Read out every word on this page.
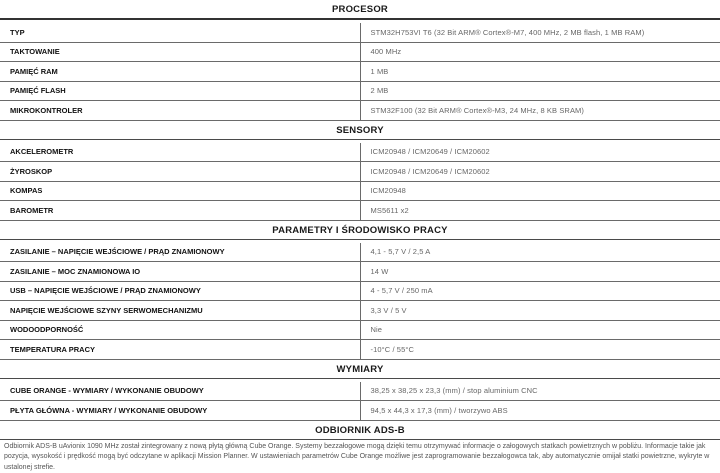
PROCESOR
TYP	STM32H753VI T6 (32 Bit ARM® Cortex®-M7, 400 MHz, 2 MB flash, 1 MB RAM)
TAKTOWANIE	400 MHz
PAMIĘĆ RAM	1 MB
PAMIĘĆ FLASH	2 MB
MIKROKONTROLER	STM32F100 (32 Bit ARM® Cortex®-M3, 24 MHz, 8 KB SRAM)
SENSORY
AKCELEROMETR	ICM20948 / ICM20649 / ICM20602
ŻYROSKOP	ICM20948 / ICM20649 / ICM20602
KOMPAS	ICM20948
BAROMETR	MS5611 x2
PARAMETRY I ŚRODOWISKO PRACY
ZASILANIE – NAPIĘCIE WEJŚCIOWE / PRĄD ZNAMIONOWY	4,1 - 5,7 V / 2,5 A
ZASILANIE – MOC ZNAMIONOWA IO	14 W
USB – NAPIĘCIE WEJŚCIOWE / PRĄD ZNAMIONOWY	4 - 5,7 V / 250 mA
NAPIĘCIE WEJŚCIOWE SZYNY SERWOMECHANIZMU	3,3 V / 5 V
WODOODPORNOŚĆ	Nie
TEMPERATURA PRACY	-10°C / 55°C
WYMIARY
CUBE ORANGE - WYMIARY / WYKONANIE OBUDOWY	38,25 x 38,25 x 23,3 (mm) / stop aluminium CNC
PŁYTA GŁÓWNA - WYMIARY / WYKONANIE OBUDOWY	94,5 x 44,3 x 17,3 (mm) / tworzywo ABS
ODBIORNIK ADS-B
Odbiornik ADS-B uAvionix 1090 MHz został zintegrowany z nową płytą główną Cube Orange. Systemy bezzałogowe mogą dzięki temu otrzymywać informacje o załogowych statkach powietrznych w pobliżu. Informacje takie jak pozycja, wysokość i prędkość mogą być odczytane w aplikacji Mission Planner. W ustawieniach parametrów Cube Orange możliwe jest zaprogramowanie bezzałogowca tak, aby automatycznie omijał statki powietrzne, wykryte w ustalonej strefie.
